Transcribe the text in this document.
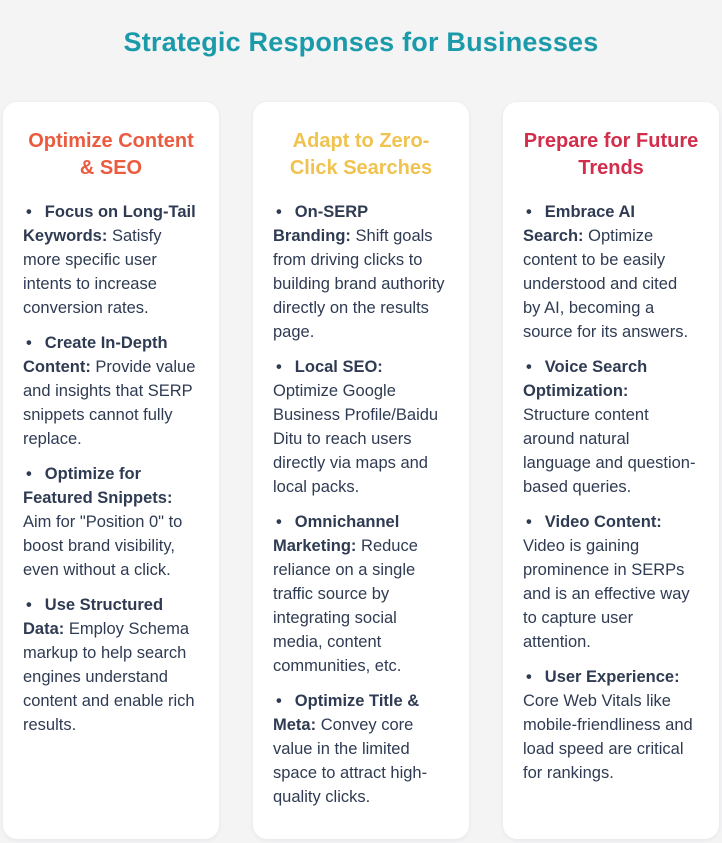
Strategic Responses for Businesses
Optimize Content & SEO
• Focus on Long-Tail Keywords: Satisfy more specific user intents to increase conversion rates.
• Create In-Depth Content: Provide value and insights that SERP snippets cannot fully replace.
• Optimize for Featured Snippets: Aim for "Position 0" to boost brand visibility, even without a click.
• Use Structured Data: Employ Schema markup to help search engines understand content and enable rich results.
Adapt to Zero-Click Searches
• On-SERP Branding: Shift goals from driving clicks to building brand authority directly on the results page.
• Local SEO: Optimize Google Business Profile/Baidu Ditu to reach users directly via maps and local packs.
• Omnichannel Marketing: Reduce reliance on a single traffic source by integrating social media, content communities, etc.
• Optimize Title & Meta: Convey core value in the limited space to attract high-quality clicks.
Prepare for Future Trends
• Embrace AI Search: Optimize content to be easily understood and cited by AI, becoming a source for its answers.
• Voice Search Optimization: Structure content around natural language and question-based queries.
• Video Content: Video is gaining prominence in SERPs and is an effective way to capture user attention.
• User Experience: Core Web Vitals like mobile-friendliness and load speed are critical for rankings.
